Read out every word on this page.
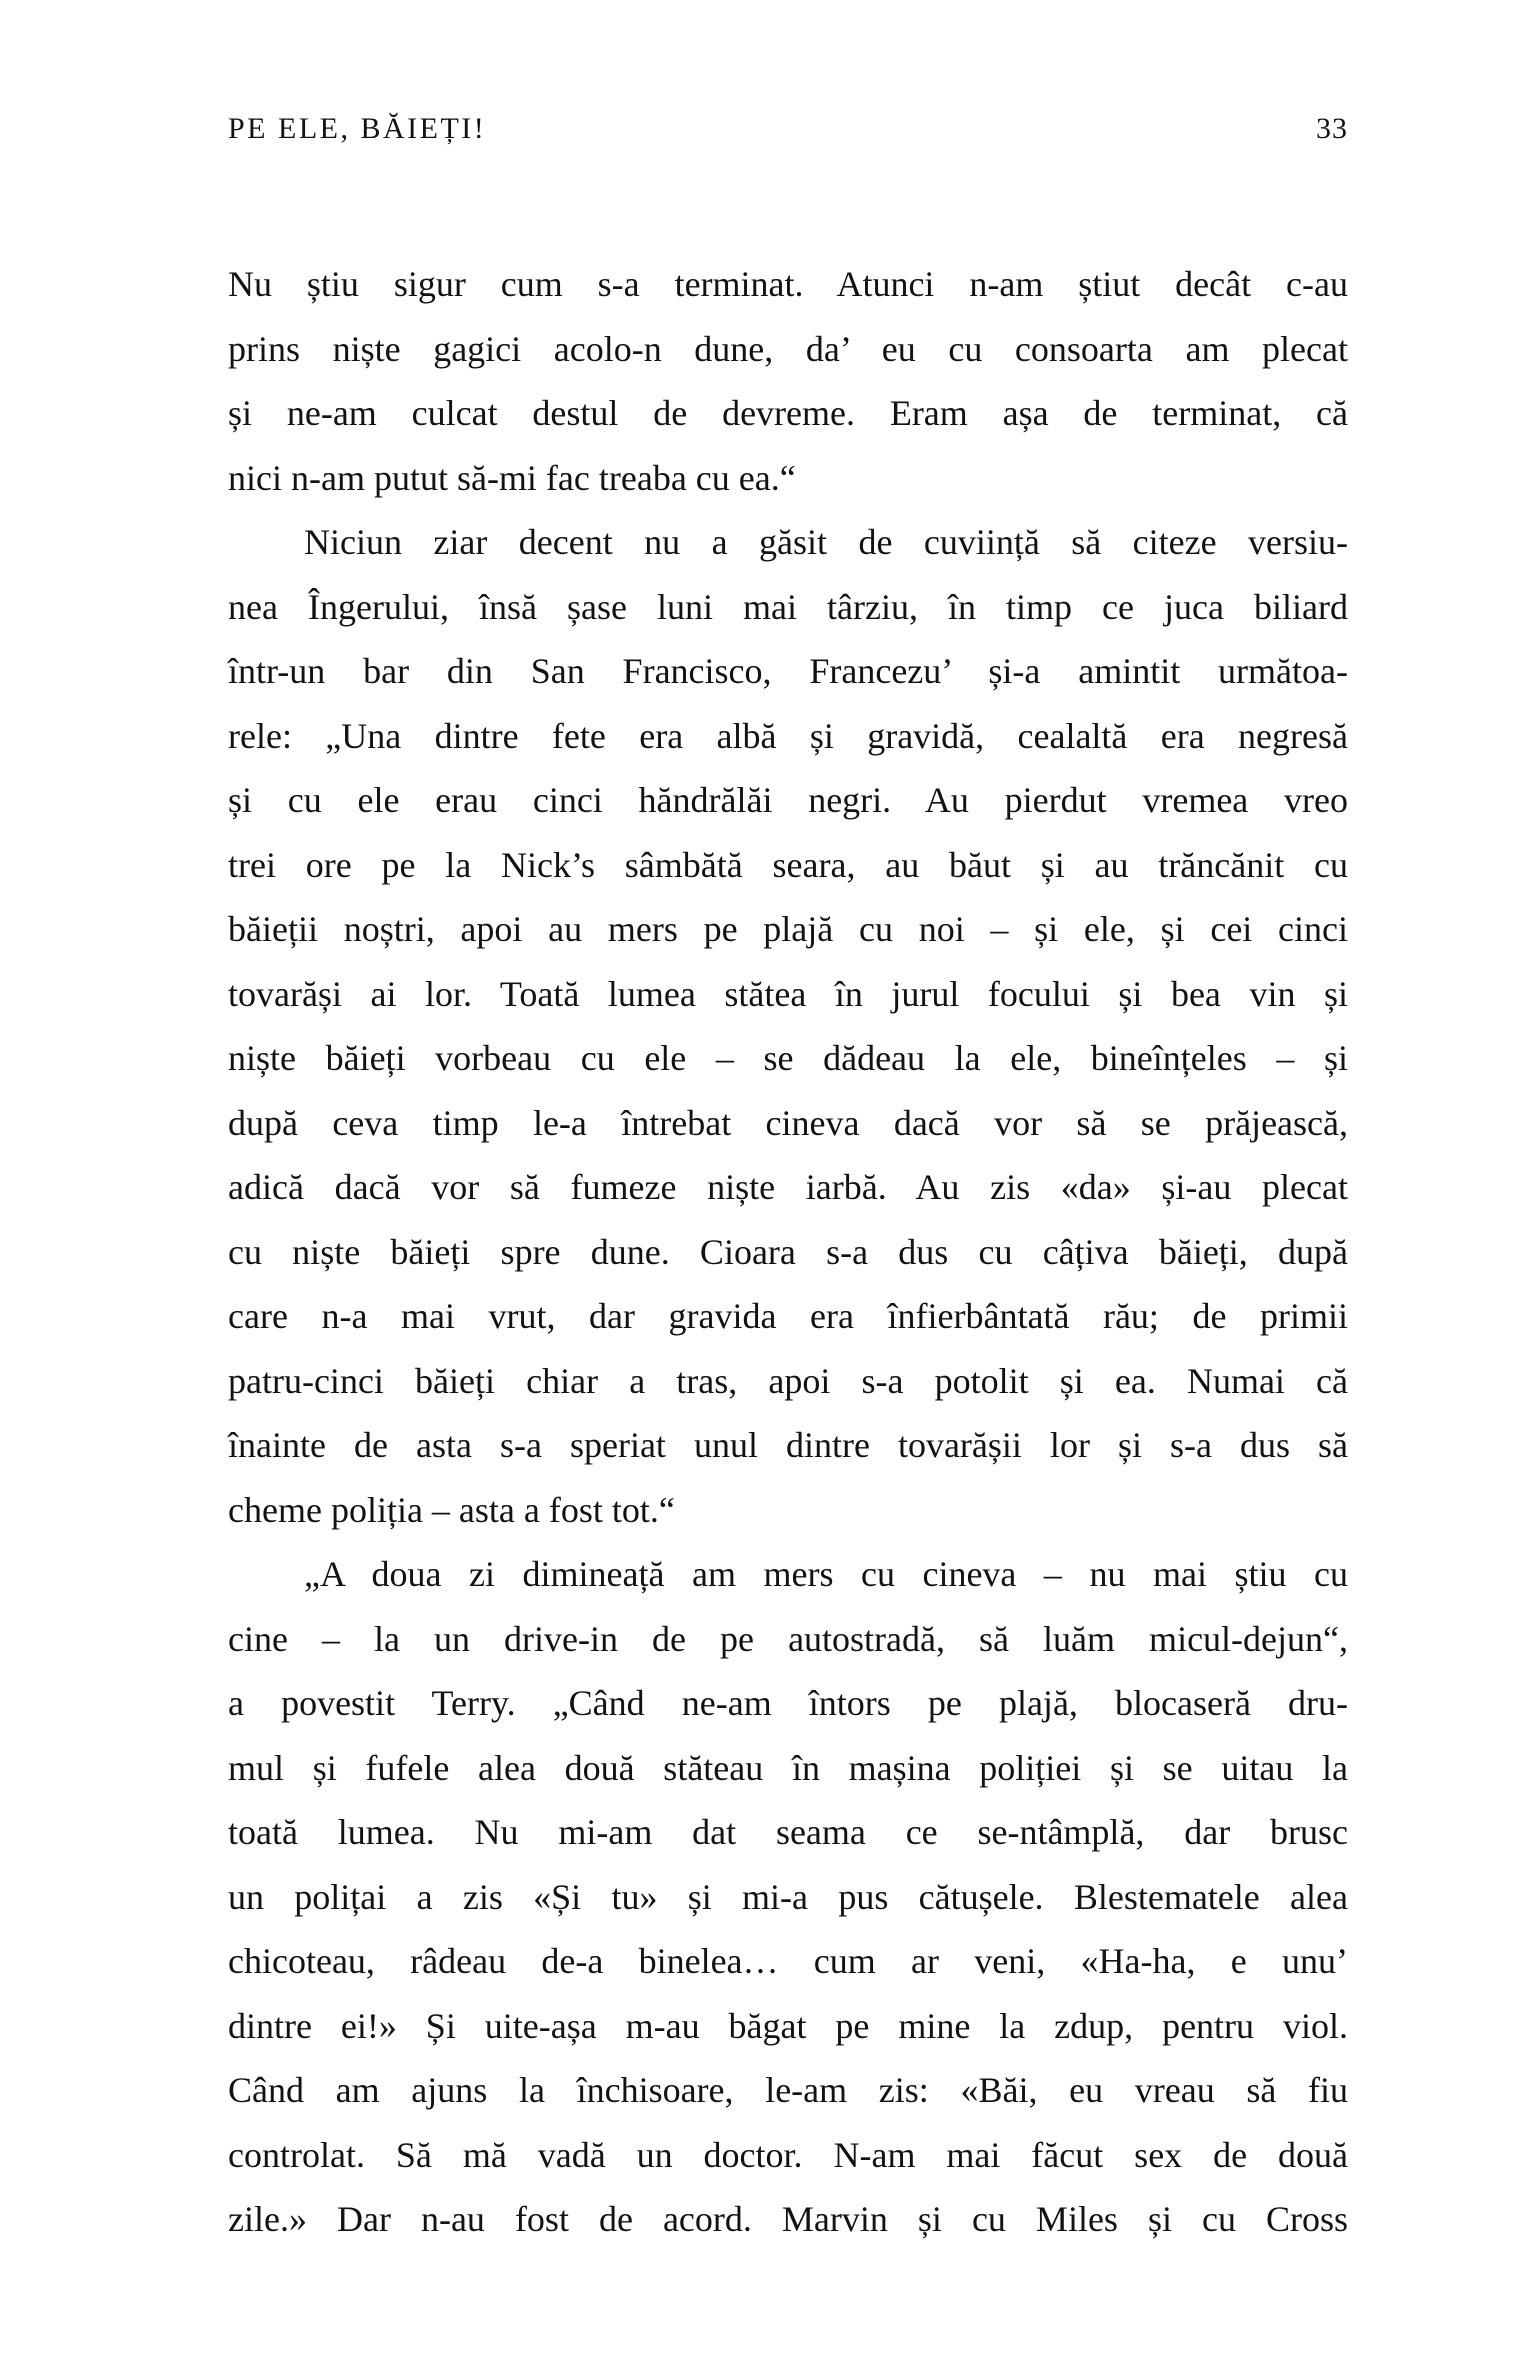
PE ELE, BĂIEȚI!	33
Nu știu sigur cum s-a terminat. Atunci n-am știut decât c-au
prins niște gagici acolo-n dune, da’ eu cu consoarta am plecat
și ne-am culcat destul de devreme. Eram așa de terminat, că
nici n-am putut să-mi fac treaba cu ea.“
Niciun ziar decent nu a găsit de cuviință să citeze versiu-
nea Îngerului, însă șase luni mai târziu, în timp ce juca biliard
într-un bar din San Francisco, Francezu’ și-a amintit următoa-
rele: „Una dintre fete era albă și gravidă, cealaltă era negresă
și cu ele erau cinci hăndrălăi negri. Au pierdut vremea vreo
trei ore pe la Nick’s sâmbătă seara, au băut și au trăncănit cu
băieții noștri, apoi au mers pe plajă cu noi – și ele, și cei cinci
tovarăși ai lor. Toată lumea stătea în jurul focului și bea vin și
niște băieți vorbeau cu ele – se dădeau la ele, bineînțeles – și
după ceva timp le-a întrebat cineva dacă vor să se prăjească,
adică dacă vor să fumeze niște iarbă. Au zis «da» și-au plecat
cu niște băieți spre dune. Cioara s-a dus cu câțiva băieți, după
care n-a mai vrut, dar gravida era înfierbântată rău; de primii
patru-cinci băieți chiar a tras, apoi s-a potolit și ea. Numai că
înainte de asta s-a speriat unul dintre tovarășii lor și s-a dus să
cheme poliția – asta a fost tot.“
„A doua zi dimineață am mers cu cineva – nu mai știu cu
cine – la un drive-in de pe autostradă, să luăm micul-dejun“,
a povestit Terry. „Când ne-am întors pe plajă, blocaseră dru-
mul și fufele alea două stăteau în mașina poliției și se uitau la
toată lumea. Nu mi-am dat seama ce se-ntâmplă, dar brusc
un polițai a zis «Și tu» și mi-a pus cătușele. Blestematele alea
chicoteau, râdeau de-a binelea… cum ar veni, «Ha-ha, e unu’
dintre ei!» Și uite-așa m-au băgat pe mine la zdup, pentru viol.
Când am ajuns la închisoare, le-am zis: «Băi, eu vreau să fiu
controlat. Să mă vadă un doctor. N-am mai făcut sex de două
zile.» Dar n-au fost de acord. Marvin și cu Miles și cu Cross
